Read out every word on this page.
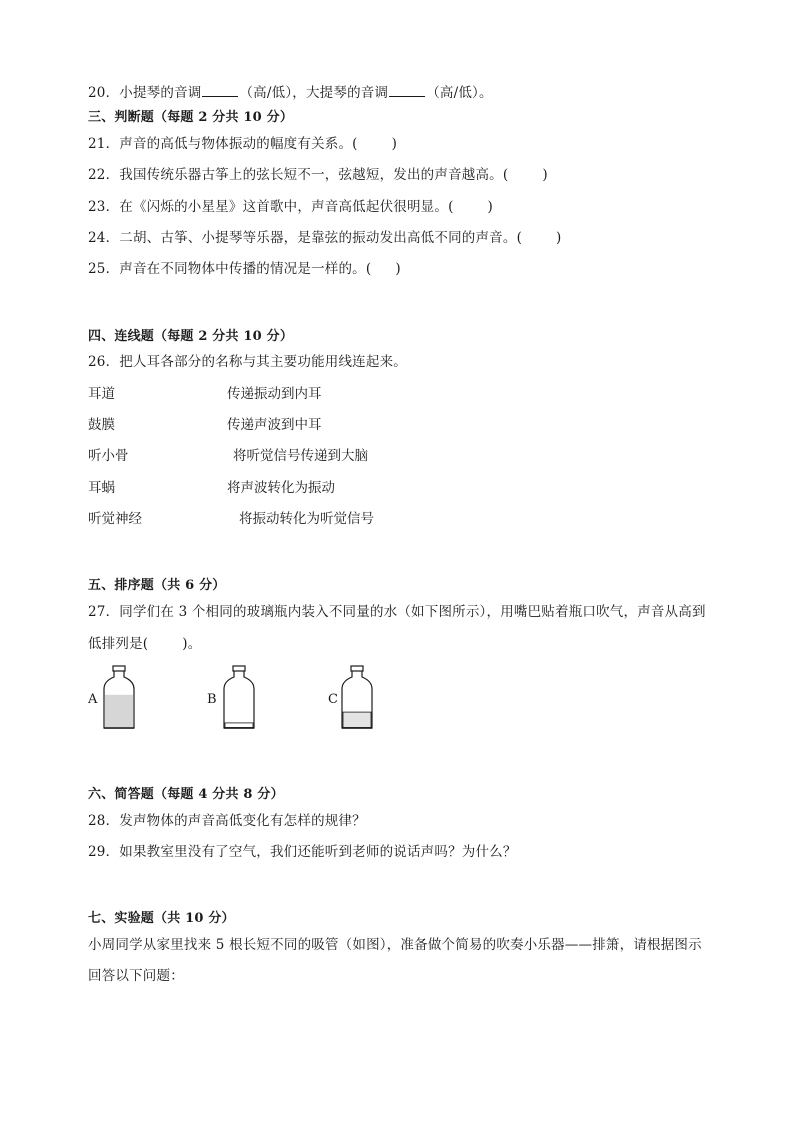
20．小提琴的音调	（高/低），大提琴的音调	（高/低）。
三、判断题（每题 2 分共 10 分）
21．声音的高低与物体振动的幅度有关系。(	)
22．我国传统乐器古筝上的弦长短不一，弦越短，发出的声音越高。(	)
23．在《闪烁的小星星》这首歌中，声音高低起伏很明显。(	)
24．二胡、古筝、小提琴等乐器，是靠弦的振动发出高低不同的声音。(	)
25．声音在不同物体中传播的情况是一样的。( )
四、连线题（每题 2 分共 10 分）
26．把人耳各部分的名称与其主要功能用线连起来。
耳道	传递振动到内耳
鼓膜	传递声波到中耳
听小骨	将听觉信号传递到大脑
耳蜗	将声波转化为振动
听觉神经	将振动转化为听觉信号
五、排序题（共 6 分）
27．同学们在 3 个相同的玻璃瓶内装入不同量的水（如下图所示），用嘴巴贴着瓶口吹气，声音从高到
低排列是(	)。
A	B	C
六、简答题（每题 4 分共 8 分）
28．发声物体的声音高低变化有怎样的规律？
29．如果教室里没有了空气，我们还能听到老师的说话声吗？为什么？
七、实验题（共 10 分）
小周同学从家里找来 5 根长短不同的吸管（如图），准备做个简易的吹奏小乐器——排箫，请根据图示
回答以下问题：
